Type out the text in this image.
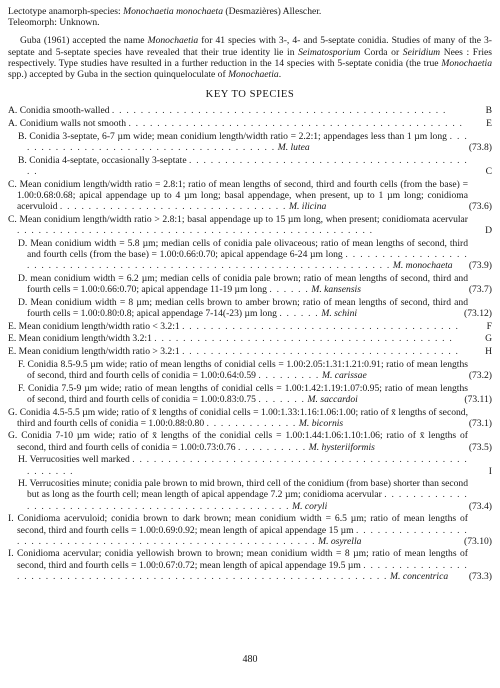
Lectotype anamorph-species: Monochaetia monochaeta (Desmazières) Allescher.

Teleomorph: Unknown.

Guba (1961) accepted the name Monochaetia for 41 species with 3-, 4- and 5-septate conidia. Studies of many of the 3-septate and 5-septate species have revealed that their true identity lie in Seimatosporium Corda or Seiridium Nees : Fries respectively. Type studies have resulted in a further reduction in the 14 species with 5-septate conidia (the true Monochaetia spp.) accepted by Guba in the section quinqueloculate of Monochaetia.

KEY TO SPECIES

A. Conidia smooth-walled . . . . . . . . . . . . . . . . . . . . . . . . . . . . . . . . . . . . . . . . . . . . . . .	B

A. Conidium walls not smooth . . . . . . . . . . . . . . . . . . . . . . . . . . . . . . . . . . . . . . . . . . . . . . . E

B. Conidia 3-septate, 6-7 µm wide; mean conidium length/width ratio = 2.2:1; appendages less than 1 µm long . . . . . . . . . . . . . . . . . . . . . . . . . . . . . . . . . . . . . . M. lutea	(73.8)

B. Conidia 4-septate, occasionally 3-septate . . . . . . . . . . . . . . . . . . . . . . . . . . . . . . . . . . . . . . . . .	C

C. Mean conidium length/width ratio = 2.8:1; ratio of mean lengths of second, third and fourth cells (from the base) = 1.00:0.68:0.68; apical appendage up to 4 µm long; basal appendage, when present, up to 1 µm long; conidioma acervuloid . . . . . . . . . . . . . . . . . . . . . . . . . . . . . . . . M. ilicina	(73.6)

C. Mean conidium length/width ratio > 2.8:1; basal appendage up to 15 µm long, when present; conidiomata acervular . . . . . . . . . . . . . . . . . . . . . . . . . . . . . . . . . . . . . . . . . . . . . . . . . .	D

D. Mean conidium width = 5.8 µm; median cells of conidia pale olivaceous; ratio of mean lengths of second, third and fourth cells (from the base) = 1.00:0.66:0.70; apical appendage 6-24 µm long . . . . . . . . . . . . . . . . . . . . . . . . . . . . . . . . . . . . . . . . . . . . . . . . . . . . . . . . . . . . . . . . . . . . M. monochaeta (73.9)

D. mean conidium width = 6.2 µm; median cells of conidia pale brown; ratio of mean lengths of second, third and fourth cells = 1.00:0.66:0.70; apical appendage 11-19 µm long . . . . . . M. kansensis	(73.7)

D. Mean conidium width = 8 µm; median cells brown to amber brown; ratio of mean lengths of second, third and fourth cells = 1.00:0.80:0.8; apical appendage 7-14(-23) µm long . . . . . . M. schini	(73.12)

E. Mean conidium length/width ratio < 3.2:1 . . . . . . . . . . . . . . . . . . . . . . . . . . . . . . . . . . . . . . .	F

E. Mean conidium length/width 3.2:1 . . . . . . . . . . . . . . . . . . . . . . . . . . . . . . . . . . . . . . . . . .	G

E. Mean conidium length/width ratio > 3.2:1 . . . . . . . . . . . . . . . . . . . . . . . . . . . . . . . . . . . . . . .	H

F. Conidia 8.5-9.5 µm wide; ratio of mean lengths of conidial cells = 1.00:2.05:1.31:1.21:0.91; ratio of mean lengths of second, third and fourth cells of conidia = 1.00:0.64:0.59 . . . . . . . . . M. carissae	(73.2)

F. Conidia 7.5-9 µm wide; ratio of mean lengths of conidial cells = 1.00:1.42:1.19:1.07:0.95; ratio of mean lengths of second, third and fourth cells of conidia = 1.00:0.83:0.75 . . . . . . . M. saccardoi	(73.11)

G. Conidia 4.5-5.5 µm wide; ratio of x̄ lengths of conidial cells = 1.00:1.33:1.16:1.06:1.00; ratio of x̄ lengths of second, third and fourth cells of conidia = 1.00:0.88:0.80 . . . . . . . . . . . . . M. bicornis	(73.1)

G. Conidia 7-10 µm wide; ratio of x̄ lengths of the conidial cells = 1.00:1.44:1.06:1.10:1.06; ratio of x̄ lengths of second, third and fourth cells of conidia = 1.00:0.73:0.76 . . . . . . . . . . M. hysteriiformis	(73.5)

H. Verrucosities well marked . . . . . . . . . . . . . . . . . . . . . . . . . . . . . . . . . . . . . . . . . . . . . . . . . . . . . .	I

H. Verrucosities minute; conidia pale brown to mid brown, third cell of the conidium (from base) shorter than second but as long as the fourth cell; mean length of apical appendage 7.2 µm; conidioma acervular . . . . . . . . . . . . . . . . . . . . . . . . . . . . . . . . . . . . . . . . . . . . . . . . . M. coryli	(73.4)

I. Conidioma acervuloid; conidia brown to dark brown; mean conidium width = 6.5 µm; ratio of mean lengths of second, third and fourth cells = 1.00:0.69:0.92; mean length of apical appendage 15 µm . . . . . . . . . . . . . . . . . . . . . . . . . . . . . . . . . . . . . . . . . . . . . . . . . . . . . . . . . . M. osyrella	(73.10)

I. Conidioma acervular; conidia yellowish brown to brown; mean conidium width = 8 µm; ratio of mean lengths of second, third and fourth cells = 1.00:0.67:0.72; mean length of apical appendage 19.5 µm . . . . . . . . . . . . . . . . . . . . . . . . . . . . . . . . . . . . . . . . . . . . . . . . . . . . . . . . . . . . . . . . . . . M. concentrica (73.3)

480
